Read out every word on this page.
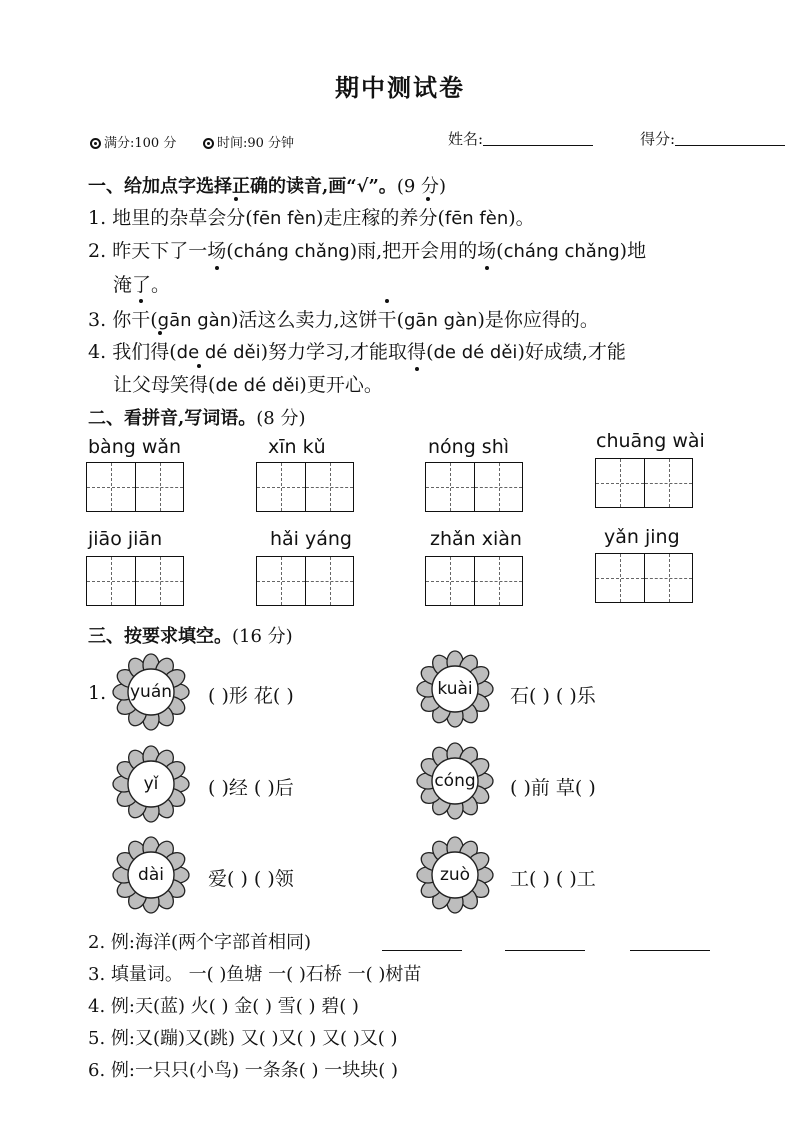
期中测试卷
满分:100 分	时间:90 分钟	姓名:	得分:
一、给加点字选择正确的读音,画“√”。(9 分)
1. 地里的杂草会分(fēn fèn)走庄稼的养分(fēn fèn)。
2. 昨天下了一场(cháng chǎng)雨,把开会用的场(cháng chǎng)地
淹了。
3. 你干(gān gàn)活这么卖力,这饼干(gān gàn)是你应得的。
4. 我们得(de dé děi)努力学习,才能取得(de dé děi)好成绩,才能
让父母笑得(de dé děi)更开心。
二、看拼音,写词语。(8 分)
bàng wǎn	xīn kǔ	nóng shì	chuāng wài
jiāo jiān	hǎi yáng	zhǎn xiàn	yǎn jing
三、按要求填空。(16 分)
1.	yuán	( )形 花( )	kuài	石( ) ( )乐
yǐ	( )经 ( )后	cóng	( )前 草( )
dài	爱( ) ( )领	zuò	工( ) ( )工
2. 例:海洋(两个字部首相同)
3. 填量词。 一( )鱼塘 一( )石桥 一( )树苗
4. 例:天(蓝) 火( ) 金( ) 雪( ) 碧( )
5. 例:又(蹦)又(跳) 又( )又( ) 又( )又( )
6. 例:一只只(小鸟) 一条条( ) 一块块( )
